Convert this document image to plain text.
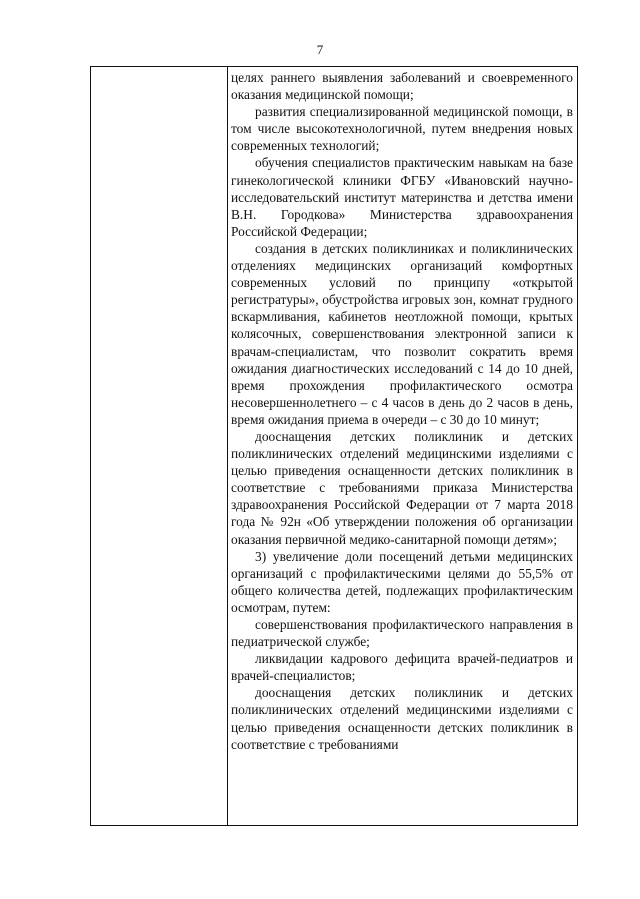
7

целях раннего выявления заболеваний и своевременного оказания медицинской помощи;

развития специализированной медицинской помощи, в том числе высокотехнологичной, путем внедрения новых современных технологий;

обучения специалистов практическим навыкам на базе гинекологической клиники ФГБУ «Ивановский научно-исследовательский институт материнства и детства имени В.Н. Городкова» Министерства здравоохранения Российской Федерации;

создания в детских поликлиниках и поликлинических отделениях медицинских организаций комфортных современных условий по принципу «открытой регистратуры», обустройства игровых зон, комнат грудного вскармливания, кабинетов неотложной помощи, крытых колясочных, совершенствования электронной записи к врачам-специалистам, что позволит сократить время ожидания диагностических исследований с 14 до 10 дней, время прохождения профилактического осмотра несовершеннолетнего – с 4 часов в день до 2 часов в день, время ожидания приема в очереди – с 30 до 10 минут;

дооснащения детских поликлиник и детских поликлинических отделений медицинскими изделиями с целью приведения оснащенности детских поликлиник в соответствие с требованиями приказа Министерства здравоохранения Российской Федерации от 7 марта 2018 года № 92н «Об утверждении положения об организации оказания первичной медико-санитарной помощи детям»;

3) увеличение доли посещений детьми медицинских организаций с профилактическими целями до 55,5% от общего количества детей, подлежащих профилактическим осмотрам, путем:

совершенствования профилактического направления в педиатрической службе;

ликвидации кадрового дефицита врачей-педиатров и врачей-специалистов;

дооснащения детских поликлиник и детских поликлинических отделений медицинскими изделиями с целью приведения оснащенности детских поликлиник в соответствие с требованиями
